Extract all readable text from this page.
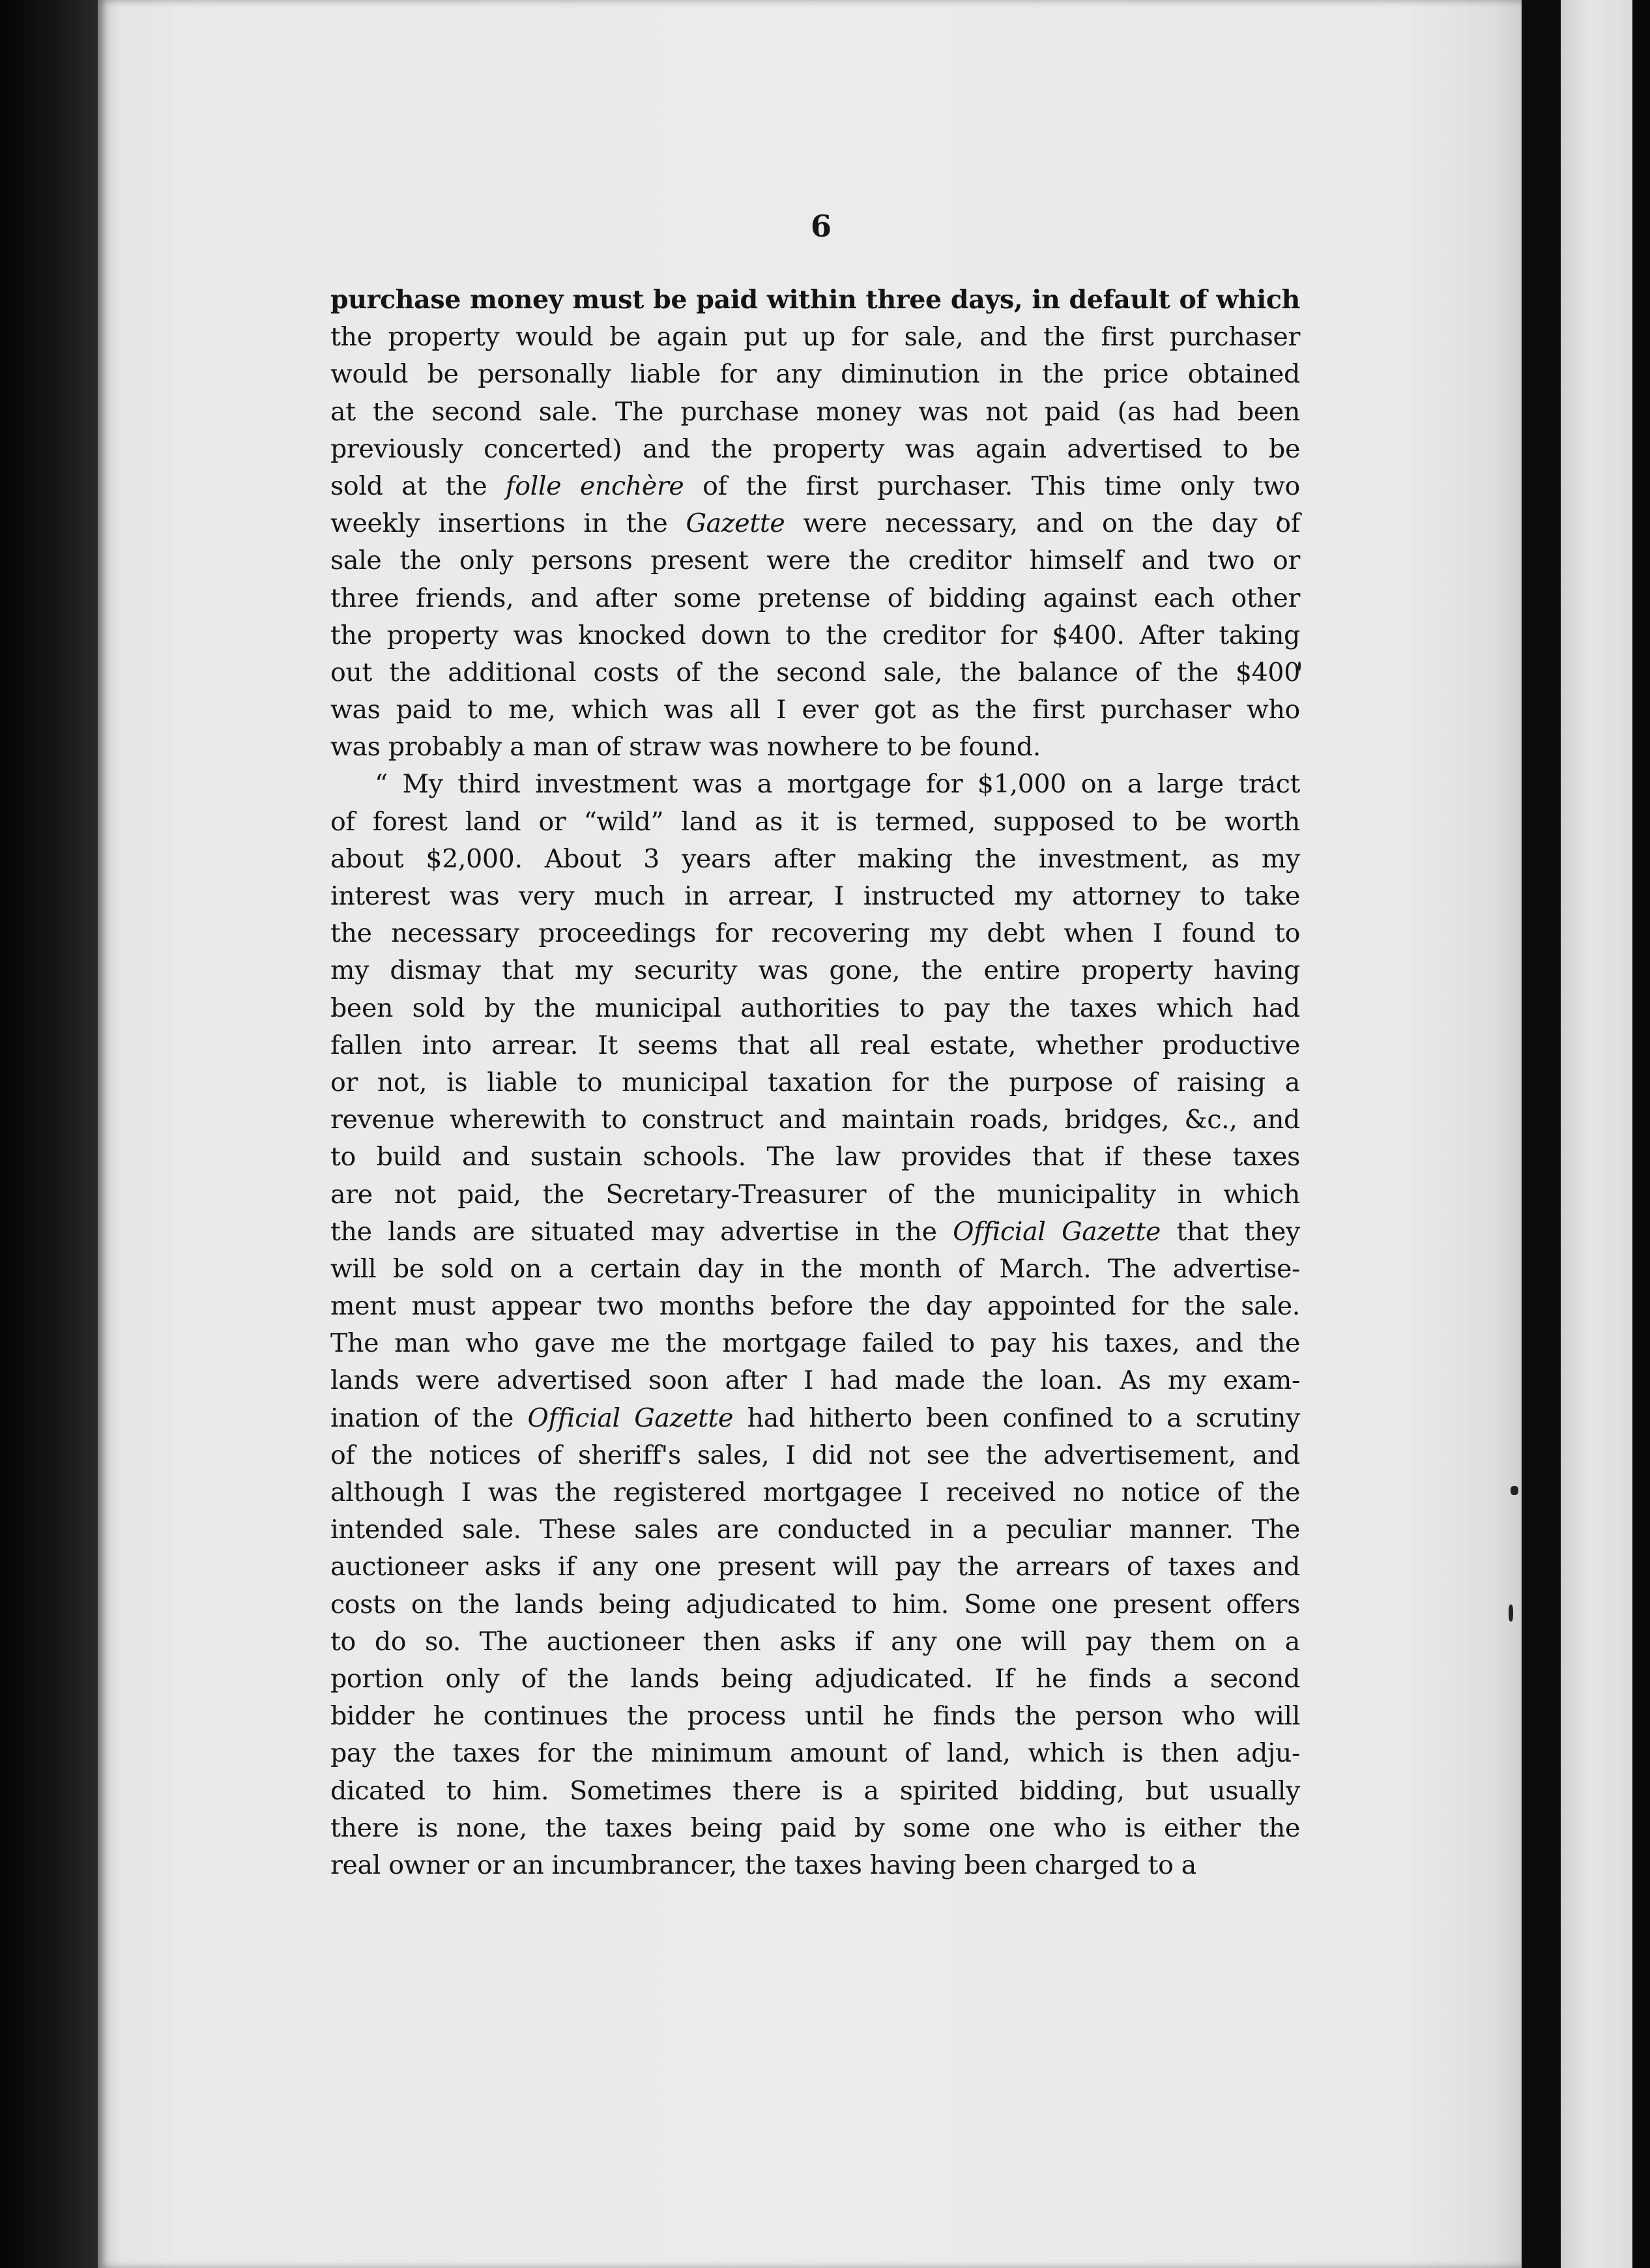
6
purchase money must be paid within three days, in default of which
the property would be again put up for sale, and the first purchaser
would be personally liable for any diminution in the price obtained
at the second sale. The purchase money was not paid (as had been
previously concerted) and the property was again advertised to be
sold at the folle enchère of the first purchaser. This time only two
weekly insertions in the Gazette were necessary, and on the day of
sale the only persons present were the creditor himself and two or
three friends, and after some pretense of bidding against each other
the property was knocked down to the creditor for $400. After taking
out the additional costs of the second sale, the balance of the $400
was paid to me, which was all I ever got as the first purchaser who
was probably a man of straw was nowhere to be found.
“ My third investment was a mortgage for $1,000 on a large tract
of forest land or “wild” land as it is termed, supposed to be worth
about $2,000. About 3 years after making the investment, as my
interest was very much in arrear, I instructed my attorney to take
the necessary proceedings for recovering my debt when I found to
my dismay that my security was gone, the entire property having
been sold by the municipal authorities to pay the taxes which had
fallen into arrear. It seems that all real estate, whether productive
or not, is liable to municipal taxation for the purpose of raising a
revenue wherewith to construct and maintain roads, bridges, &c., and
to build and sustain schools. The law provides that if these taxes
are not paid, the Secretary-Treasurer of the municipality in which
the lands are situated may advertise in the Official Gazette that they
will be sold on a certain day in the month of March. The advertise-
ment must appear two months before the day appointed for the sale.
The man who gave me the mortgage failed to pay his taxes, and the
lands were advertised soon after I had made the loan. As my exam-
ination of the Official Gazette had hitherto been confined to a scrutiny
of the notices of sheriff's sales, I did not see the advertisement, and
although I was the registered mortgagee I received no notice of the
intended sale. These sales are conducted in a peculiar manner. The
auctioneer asks if any one present will pay the arrears of taxes and
costs on the lands being adjudicated to him. Some one present offers
to do so. The auctioneer then asks if any one will pay them on a
portion only of the lands being adjudicated. If he finds a second
bidder he continues the process until he finds the person who will
pay the taxes for the minimum amount of land, which is then adju-
dicated to him. Sometimes there is a spirited bidding, but usually
there is none, the taxes being paid by some one who is either the
real owner or an incumbrancer, the taxes having been charged to a
